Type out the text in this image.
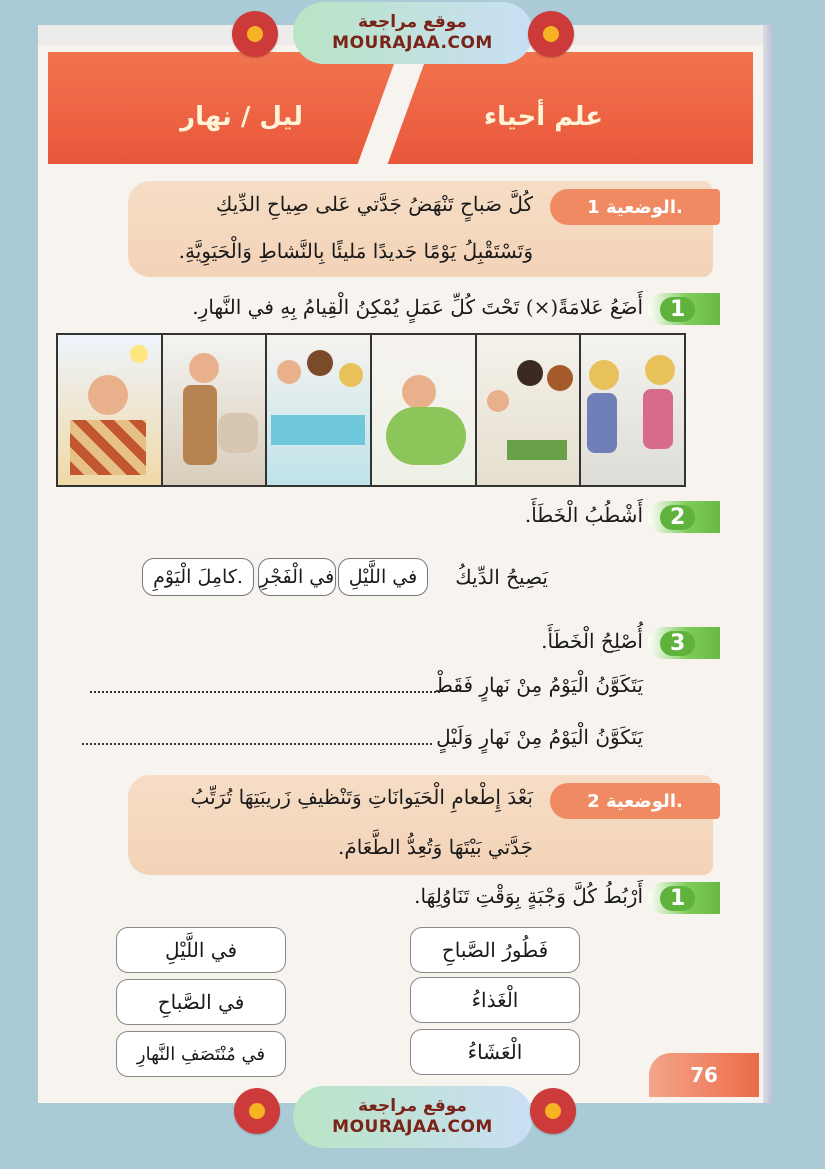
موقع مراجعة
MOURAJAA.COM
موقع مراجعة
MOURAJAA.COM
علم أحياء
ليل / نهار
الوضعية 1.
كُلَّ صَباحٍ تَنْهَضُ جَدَّتي عَلى صِياحِ الدِّيكِ
وَتَسْتَقْبِلُ يَوْمًا جَديدًا مَليئًا بِالنَّشاطِ وَالْحَيَوِيَّةِ.
1
أَضَعُ عَلامَةً(×) تَحْتَ كُلِّ عَمَلٍ يُمْكِنُ الْقِيامُ بِهِ في النَّهارِ.
2
أَشْطُبُ الْخَطَأَ.
يَصِيحُ الدِّيكُ
في اللَّيْلِ
في الْفَجْرِ
كامِلَ الْيَوْمِ.
3
أُصْلِحُ الْخَطَأَ.
يَتَكَوَّنُ الْيَوْمُ مِنْ نَهارٍ فَقَطْ
يَتَكَوَّنُ الْيَوْمُ مِنْ نَهارٍ وَلَيْلٍ
الوضعية 2.
بَعْدَ إِطْعامِ الْحَيَوانَاتِ وَتَنْظيفِ زَريبَتِهَا تُرَتِّبُ
جَدَّتي بَيْتَهَا وَتُعِدُّ الطَّعَامَ.
1
أَرْبُطُ كُلَّ وَجْبَةٍ بِوَقْتِ تَنَاوُلِهَا.
فَطُورُ الصَّباحِ
الْغَذاءُ
الْعَشَاءُ
في اللَّيْلِ
في الصَّباحِ
في مُنْتَصَفِ النَّهارِ
76
